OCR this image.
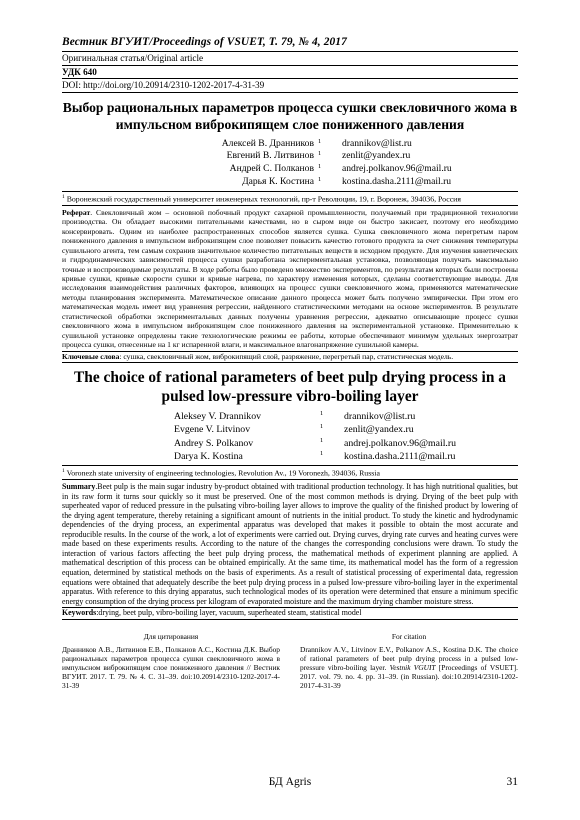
Вестник ВГУИТ/Proceedings of VSUET, Т. 79, № 4, 2017
Оригинальная статья/Original article
УДК 640
DOI: http://doi.org/10.20914/2310-1202-2017-4-31-39
Выбор рациональных параметров процесса сушки свекловичного жома в импульсном виброкипящем слое пониженного давления
Алексей В. Дранников 1	drannikov@list.ru
Евгений В. Литвинов 1	zenlit@yandex.ru
Андрей С. Полканов 1	andrej.polkanov.96@mail.ru
Дарья К. Костина 1	kostina.dasha.2111@mail.ru
$^1$ Воронежский государственный университет инженерных технологий, пр-т Революции, 19, г. Воронеж, 394036, Россия
Реферат. Свекловичный жом – основной побочный продукт сахарной промышленности, получаемый при традиционной технологии производства. Он обладает высокими питательными качествами, но в сыром виде он быстро закисает, поэтому его необходимо консервировать. Одним из наиболее распространенных способов является сушка. Сушка свекловичного жома перегретым паром пониженного давления в импульсном виброкипящем слое позволяет повысить качество готового продукта за счет снижения температуры сушильного агента, тем самым сохранив значительное количество питательных веществ в исходном продукте. Для изучения кинетических и гидродинамических зависимостей процесса сушки разработана экспериментальная установка, позволяющая получать максимально точные и воспроизводимые результаты. В ходе работы было проведено множество экспериментов, по результатам которых были построены кривые сушки, кривые скорости сушки и кривые нагрева, по характеру изменения которых, сделаны соответствующие выводы. Для исследования взаимодействия различных факторов, влияющих на процесс сушки свекловичного жома, применяются математические методы планирования эксперимента. Математическое описание данного процесса может быть получено эмпирически. При этом его математическая модель имеет вид уравнения регрессии, найденного статистическими методами на основе экспериментов. В результате статистической обработки экспериментальных данных получены уравнения регрессии, адекватно описывающие процесс сушки свекловичного жома в импульсном виброкипящем слое пониженного давления на экспериментальной установке. Применительно к сушильной установке определены такие технологические режимы ее работы, которые обеспечивают минимум удельных энергозатрат процесса сушки, отнесенные на 1 кг испаренной влаги, и максимальное влагонапряжение сушильной камеры.
Ключевые слова: сушка, свекловичный жом, виброкипящий слой, разряжение, перегретый пар, статистическая модель.
The choice of rational parameters of beet pulp drying process in a pulsed low-pressure vibro-boiling layer
Aleksey V. Drannikov	1	drannikov@list.ru
Evgene V. Litvinov	1	zenlit@yandex.ru
Andrey S. Polkanov	1	andrej.polkanov.96@mail.ru
Darya K. Kostina	1	kostina.dasha.2111@mail.ru
$^1$ Voronezh state university of engineering technologies, Revolution Av., 19 Voronezh, 394036, Russia
Summary.Beet pulp is the main sugar industry by-product obtained with traditional production technology. It has high nutritional qualities, but in its raw form it turns sour quickly so it must be preserved. One of the most common methods is drying. Drying of the beet pulp with superheated vapor of reduced pressure in the pulsating vibro-boiling layer allows to improve the quality of the finished product by lowering of the drying agent temperature, thereby retaining a significant amount of nutrients in the initial product. To study the kinetic and hydrodynamic dependencies of the drying process, an experimental apparatus was developed that makes it possible to obtain the most accurate and reproducible results. In the course of the work, a lot of experiments were carried out. Drying curves, drying rate curves and heating curves were made based on these experiments results. According to the nature of the changes the corresponding conclusions were drawn. To study the interaction of various factors affecting the beet pulp drying process, the mathematical methods of experiment planning are applied. A mathematical description of this process can be obtained empirically. At the same time, its mathematical model has the form of a regression equation, determined by statistical methods on the basis of experiments. As a result of statistical processing of experimental data, regression equations were obtained that adequately describe the beet pulp drying process in a pulsed low-pressure vibro-boiling layer in the experimental apparatus. With reference to this drying apparatus, such technological modes of its operation were determined that ensure a minimum specific energy consumption of the drying process per kilogram of evaporated moisture and the maximum drying chamber moisture stress.
Keywords:drying, beet pulp, vibro-boiling layer, vacuum, superheated steam, statistical model
Для цитирования
Дранников А.В., Литвинов Е.В., Полканов А.С., Костина Д.К. Выбор рациональных параметров процесса сушки свекловичного жома в импульсном виброкипящем слое пониженного давления // Вестник ВГУИТ. 2017. Т. 79. № 4. С. 31–39. doi:10.20914/2310-1202-2017-4-31-39
For citation
Drannikov A.V., Litvinov E.V., Polkanov A.S., Kostina D.K. The choice of rational parameters of beet pulp drying process in a pulsed low-pressure vibro-boiling layer. Vestnik VGUIT [Proceedings of VSUET]. 2017. vol. 79. no. 4. pp. 31–39. (in Russian). doi:10.20914/2310-1202-2017-4-31-39
БД Agris	31
